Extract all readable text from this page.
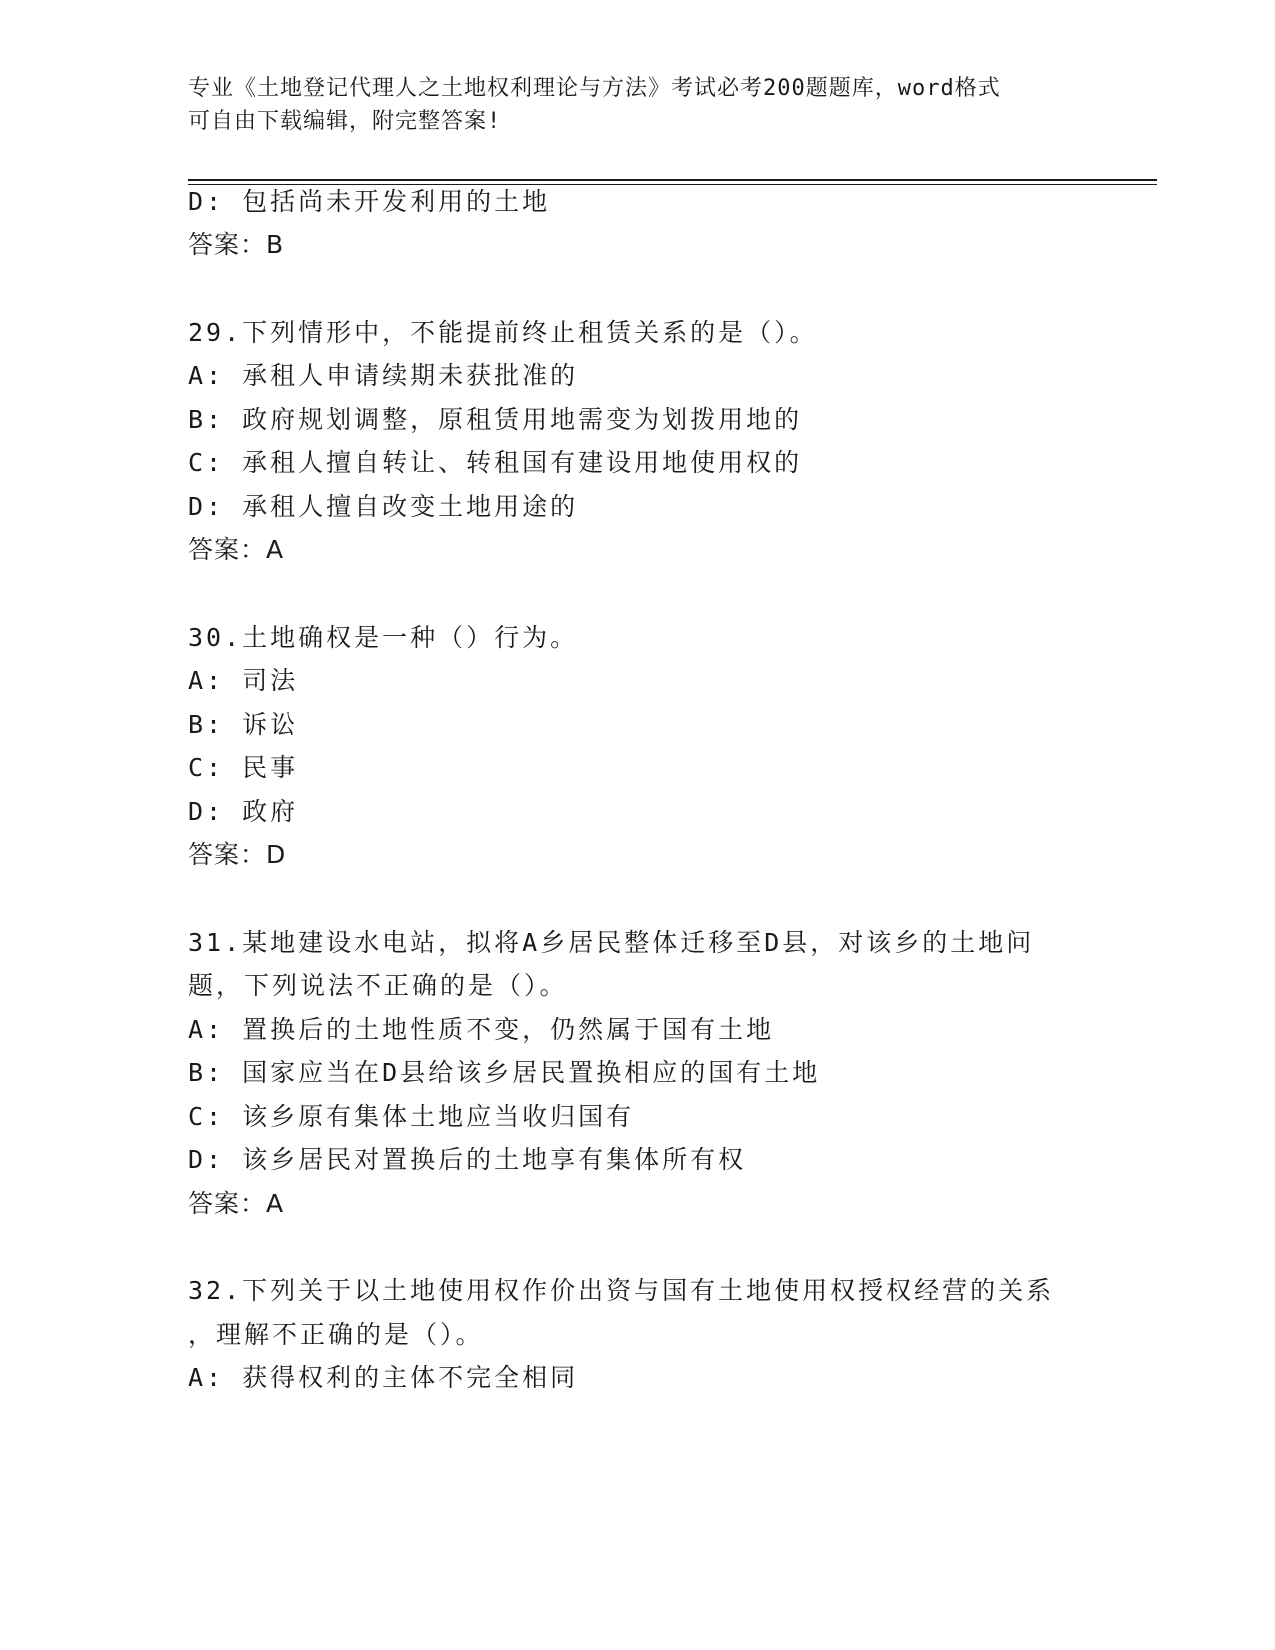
专业《土地登记代理人之土地权利理论与方法》考试必考200题题库，word格式

可自由下载编辑，附完整答案!

D: 包括尚未开发利用的土地
答案：B
29.下列情形中，不能提前终止租赁关系的是（）。
A: 承租人申请续期未获批准的
B: 政府规划调整，原租赁用地需变为划拨用地的
C: 承租人擅自转让、转租国有建设用地使用权的
D: 承租人擅自改变土地用途的
答案：A
30.土地确权是一种（）行为。
A: 司法
B: 诉讼
C: 民事
D: 政府
答案：D
31.某地建设水电站，拟将A乡居民整体迁移至D县，对该乡的土地问
题，下列说法不正确的是（）。
A: 置换后的土地性质不变，仍然属于国有土地
B: 国家应当在D县给该乡居民置换相应的国有土地
C: 该乡原有集体土地应当收归国有
D: 该乡居民对置换后的土地享有集体所有权
答案：A
32.下列关于以土地使用权作价出资与国有土地使用权授权经营的关系
，理解不正确的是（）。
A: 获得权利的主体不完全相同
